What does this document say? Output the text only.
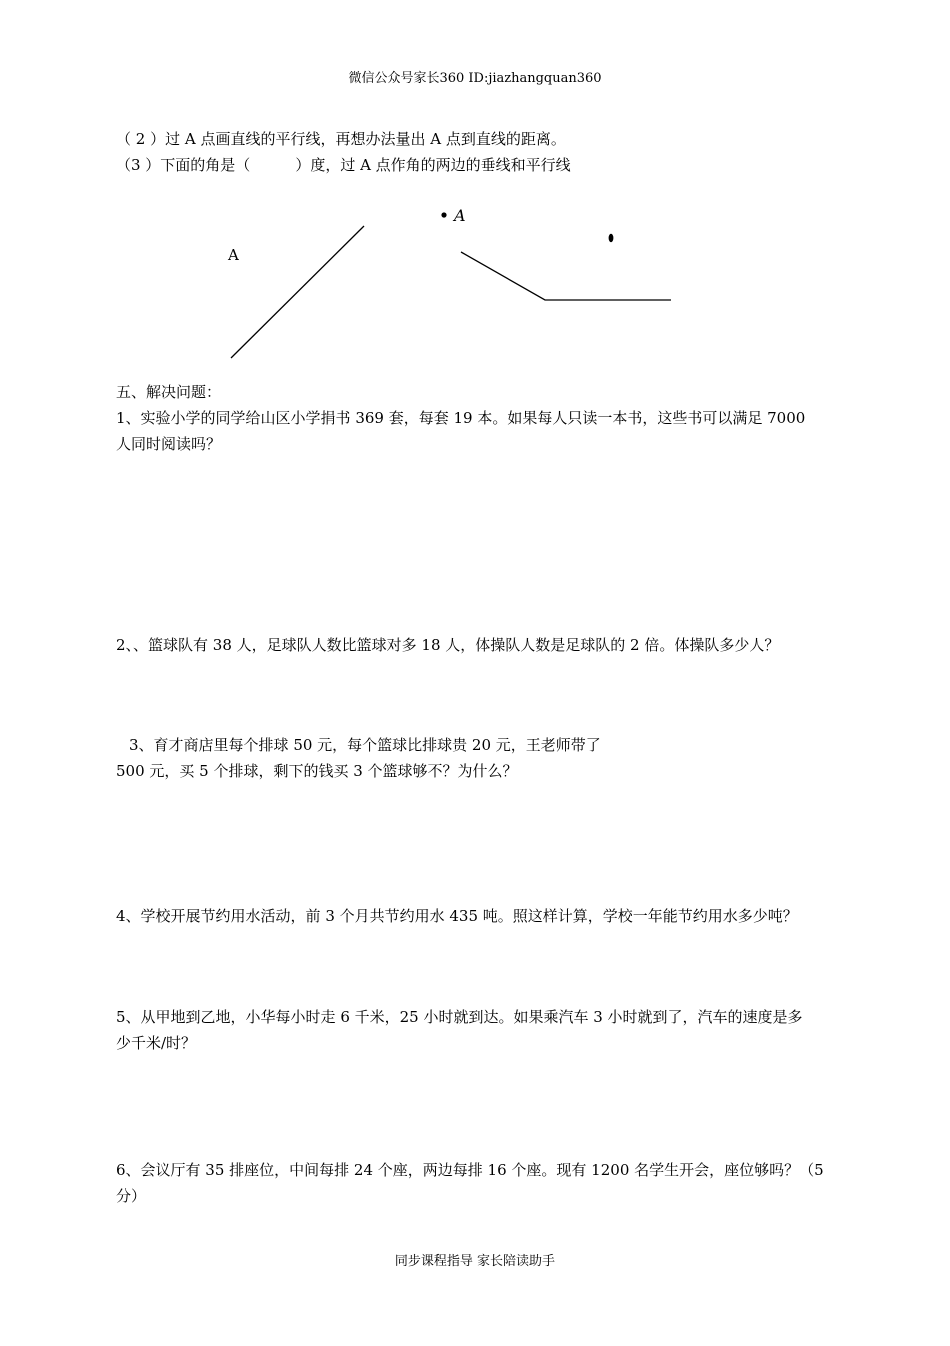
微信公众号家长360 ID:jiazhangquan360
（ 2 ）过 A 点画直线的平行线，再想办法量出 A 点到直线的距离。
（3 ）下面的角是（　　　）度，过 A 点作角的两边的垂线和平行线
A
A
五、解决问题：
1、实验小学的同学给山区小学捐书 369 套，每套 19 本。如果每人只读一本书，这些书可以满足 7000
人同时阅读吗？
2、、篮球队有 38 人，足球队人数比篮球对多 18 人，体操队人数是足球队的 2 倍。体操队多少人？
3、育才商店里每个排球 50 元，每个篮球比排球贵 20 元，王老师带了
500 元，买 5 个排球，剩下的钱买 3 个篮球够不？为什么？
4、学校开展节约用水活动，前 3 个月共节约用水 435 吨。照这样计算，学校一年能节约用水多少吨？
5、从甲地到乙地，小华每小时走 6 千米，25 小时就到达。如果乘汽车 3 小时就到了，汽车的速度是多
少千米/时？
6、会议厅有 35 排座位，中间每排 24 个座，两边每排 16 个座。现有 1200 名学生开会，座位够吗？（5
分）
同步课程指导 家长陪读助手
